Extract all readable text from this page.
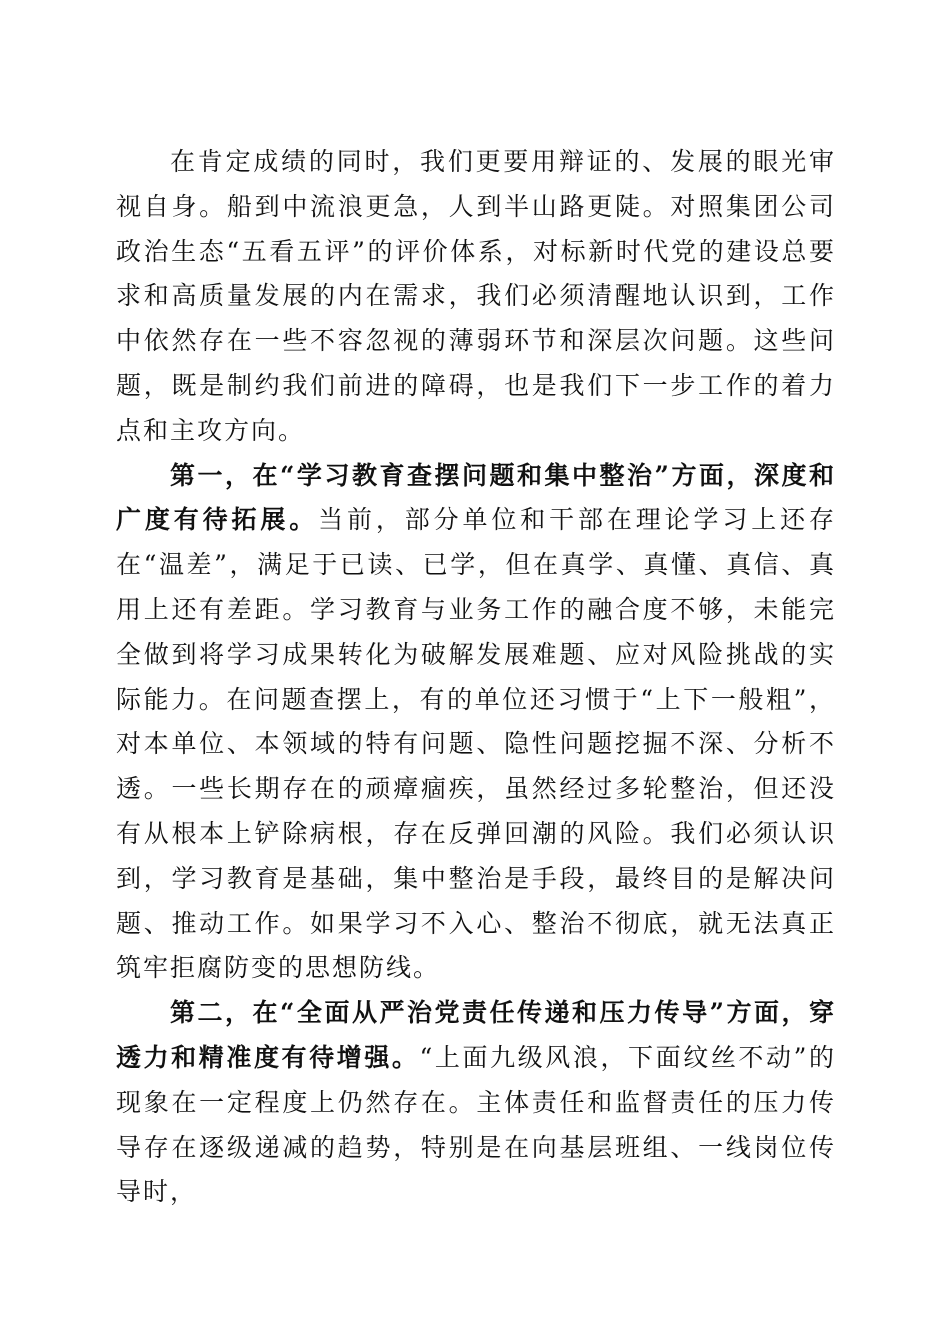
在肯定成绩的同时，我们更要用辩证的、发展的眼光审视自身。船到中流浪更急，人到半山路更陡。对照集团公司政治生态“五看五评”的评价体系，对标新时代党的建设总要求和高质量发展的内在需求，我们必须清醒地认识到，工作中依然存在一些不容忽视的薄弱环节和深层次问题。这些问题，既是制约我们前进的障碍，也是我们下一步工作的着力点和主攻方向。

第一，在“学习教育查摆问题和集中整治”方面，深度和广度有待拓展。当前，部分单位和干部在理论学习上还存在“温差”，满足于已读、已学，但在真学、真懂、真信、真用上还有差距。学习教育与业务工作的融合度不够，未能完全做到将学习成果转化为破解发展难题、应对风险挑战的实际能力。在问题查摆上，有的单位还习惯于“上下一般粗”，对本单位、本领域的特有问题、隐性问题挖掘不深、分析不透。一些长期存在的顽瘴痼疾，虽然经过多轮整治，但还没有从根本上铲除病根，存在反弹回潮的风险。我们必须认识到，学习教育是基础，集中整治是手段，最终目的是解决问题、推动工作。如果学习不入心、整治不彻底，就无法真正筑牢拒腐防变的思想防线。

第二，在“全面从严治党责任传递和压力传导”方面，穿透力和精准度有待增强。“上面九级风浪，下面纹丝不动”的现象在一定程度上仍然存在。主体责任和监督责任的压力传导存在逐级递减的趋势，特别是在向基层班组、一线岗位传导时，
